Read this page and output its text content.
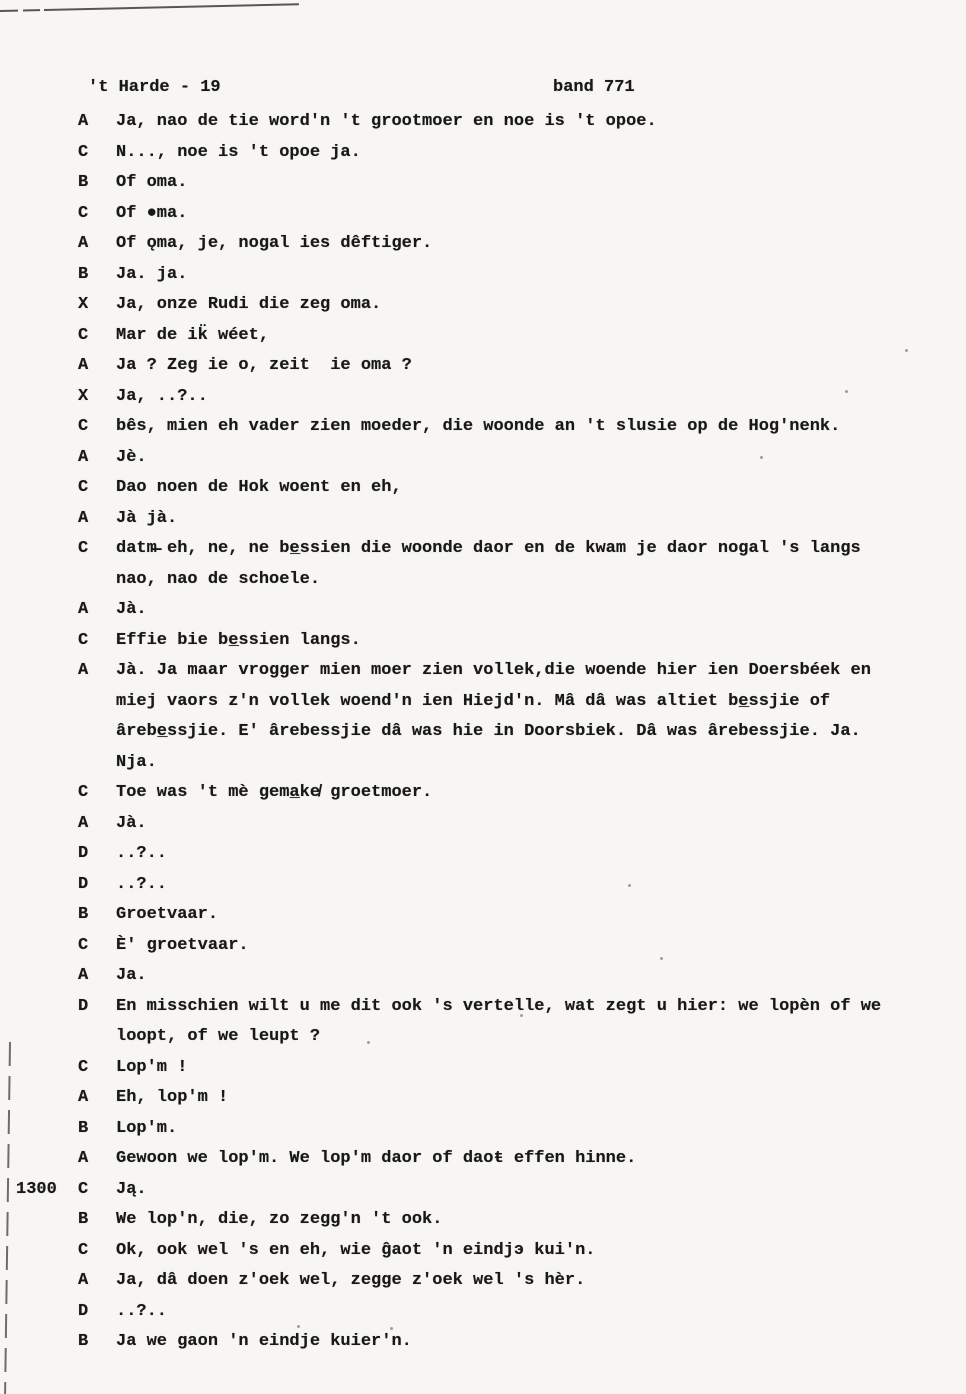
't Harde - 19	band 771
A	Ja, nao de tie word'n 't grootmoer en noe is 't opoe.
C	N..., noe is 't opoe ja.
B	Of oma.
C	Of ●ma.
A	Of ǫma, je, nogal ies dêftiger.
B	Ja. ja.
X	Ja, onze Rudi die zeg oma.
C	Mar de ik̈ wéet,
A	Ja ? Zeg ie o, zeit  ie oma ?
X	Ja, ..?..
C	bês, mien eh vader zien moeder, die woonde an 't slusie op de Hog'nenk.
A	Jè.
C	Dao noen de Hok woent en eh,
A	Jà jà.
C	datm̶ eh, ne, ne be̲ssien die woonde daor en de kwam je daor nogal 's langs
nao, nao de schoele.
A	Jà.
C	Effie bie be̲ssien langs.
A	Jà. Ja maar vrogger mien moer zien vollek,die woende hier ien Doersbéek en
miej vaors z'n vollek woend'n ien Hiejd'n. Mâ dâ was altiet be̲ssjie of
ârebe̲ssjie. E' ârebessjie dâ was hie in Doorsbiek. Dâ was ârebessjie. Ja.
Nja.
C	Toe was 't mè gema̲ke̸ groetmoer.
A	Jà.
D	..?..
D	..?..
B	Groetvaar.
C	È' groetvaar.
A	Ja.
D	En misschien wilt u me dit ook 's vertelle, wat zegt u hier: we lopèn of we
loopt, of we leupt ?
C	Lop'm !
A	Eh, lop'm !
B	Lop'm.
A	Gewoon we lop'm. We lop'm daor of daoŧ effen hinne.
1300 C	Ją.
B	We lop'n, die, zo zegg'n 't ook.
C	Ok, ook wel 's en eh, wie ĝaot 'n eindjэ kui'n.
A	Ja, dâ doen z'oek wel, zegge z'oek wel 's hèr.
D	..?..
B	Ja we gaon 'n eindje kuier'n.
